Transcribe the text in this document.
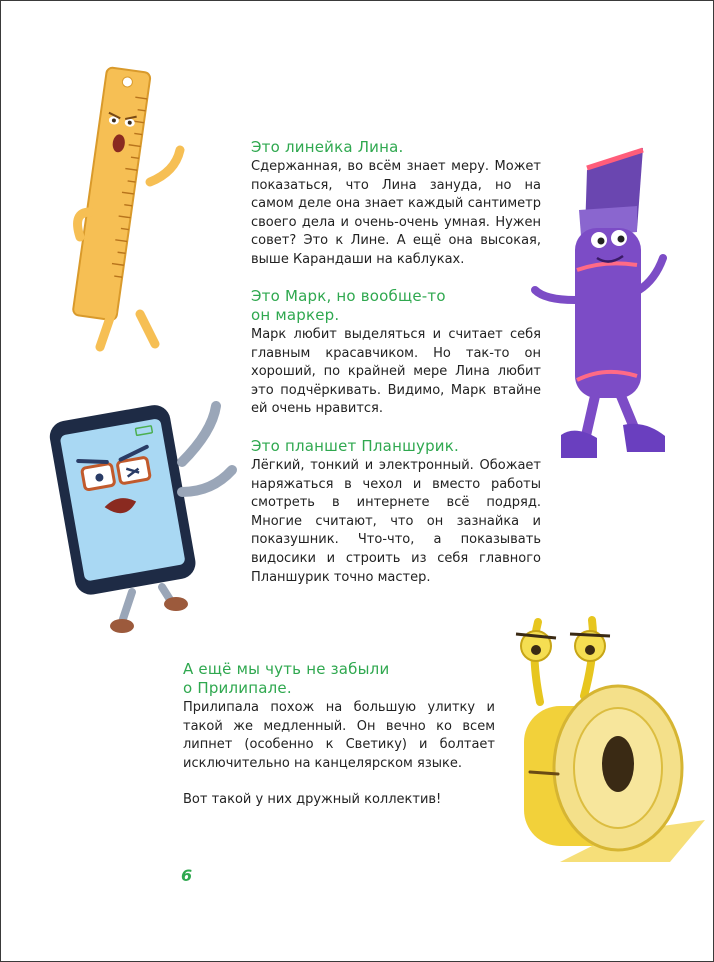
Это линейка Лина.

Сдержанная, во всём знает меру. Может показаться, что Лина зануда, но на самом деле она знает каждый сантиметр своего дела и очень-очень умная. Нужен совет? Это к Лине. А ещё она высокая, выше Карандаши на каблуках.

Это Марк, но вообще-то
он маркер.

Марк любит выделяться и считает себя главным красавчиком. Но так-то он хороший, по крайней мере Лина любит это подчёркивать. Видимо, Марк втайне ей очень нравится.

Это планшет Планшурик.

Лёгкий, тонкий и электронный. Обожает наряжаться в чехол и вместо работы смотреть в интернете всё подряд. Многие считают, что он зазнайка и показушник. Что-что, а показывать видосики и строить из себя главного Планшурик точно мастер.

А ещё мы чуть не забыли
о Прилипале.

Прилипала похож на большую улитку и такой же медленный. Он вечно ко всем липнет (особенно к Светику) и болтает исключительно на канцелярском языке.

Вот такой у них дружный коллектив!

6
